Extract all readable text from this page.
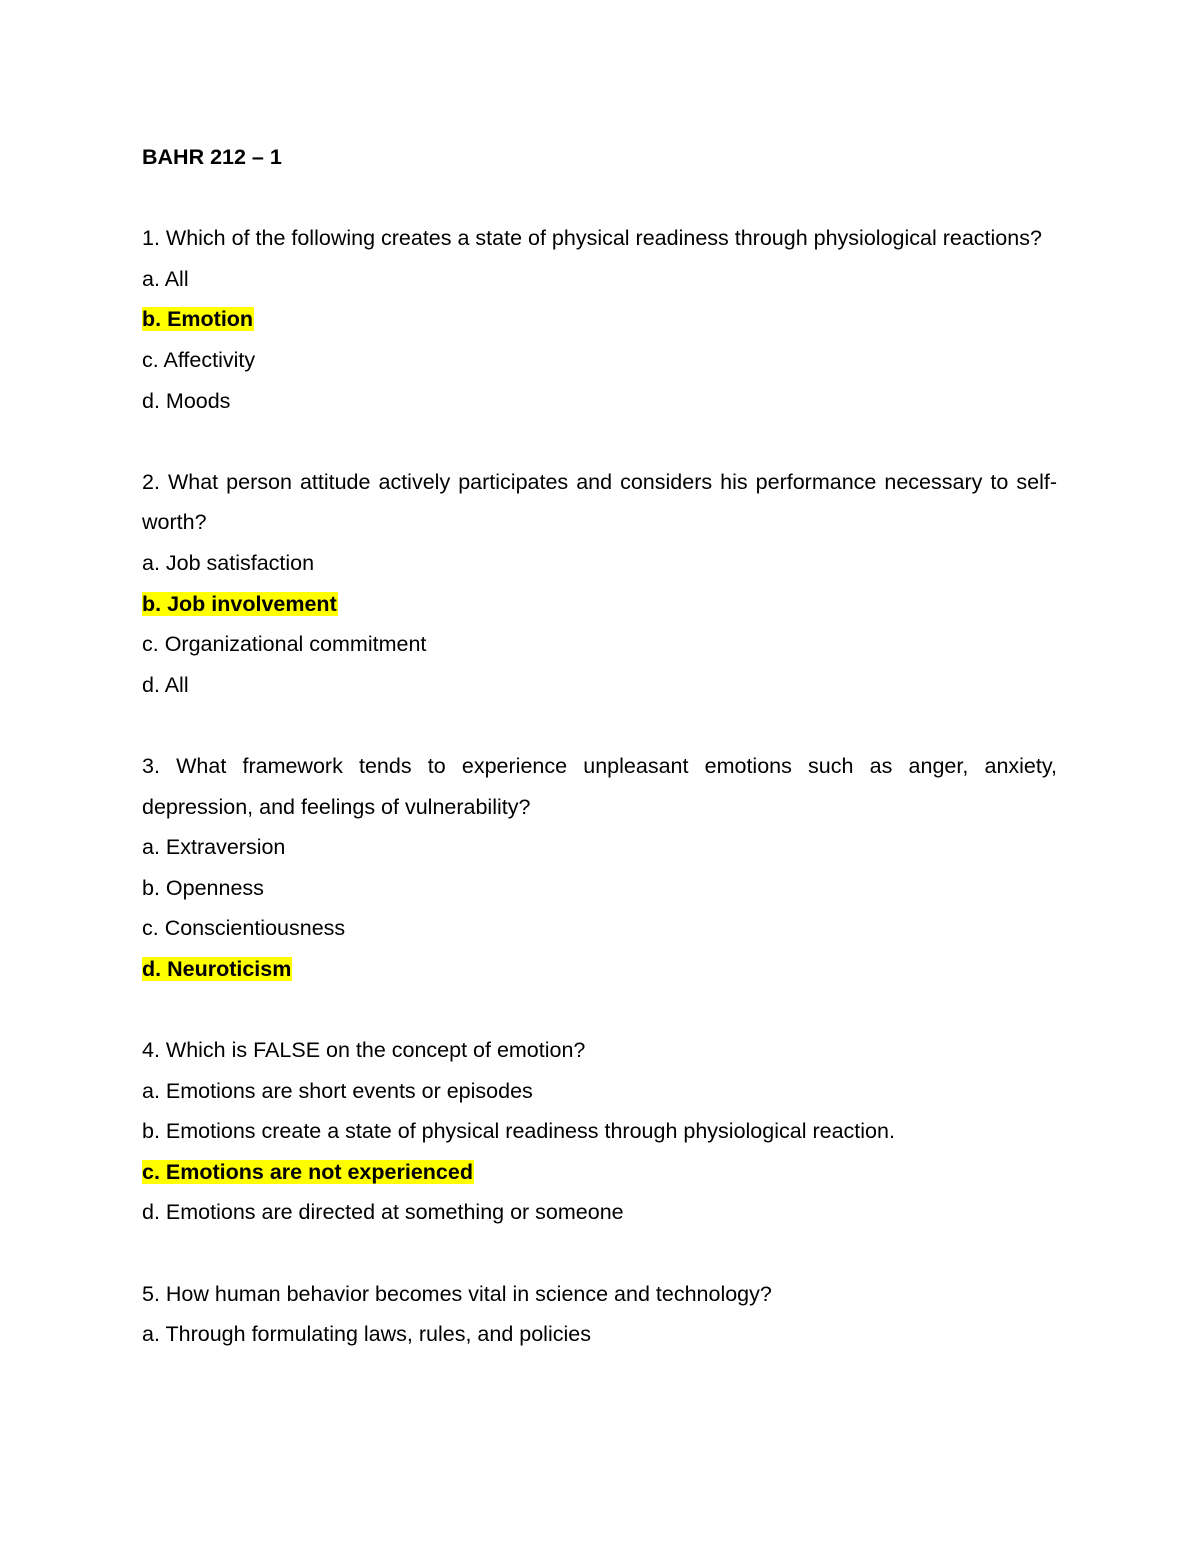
BAHR 212 – 1

1. Which of the following creates a state of physical readiness through physiological reactions?

a. All

b. Emotion

c. Affectivity

d. Moods

2. What person attitude actively participates and considers his performance necessary to self-worth?

a. Job satisfaction

b. Job involvement

c. Organizational commitment

d. All

3. What framework tends to experience unpleasant emotions such as anger, anxiety, depression, and feelings of vulnerability?

a. Extraversion

b. Openness

c. Conscientiousness

d. Neuroticism

4. Which is FALSE on the concept of emotion?

a. Emotions are short events or episodes

b. Emotions create a state of physical readiness through physiological reaction.

c. Emotions are not experienced

d. Emotions are directed at something or someone

5. How human behavior becomes vital in science and technology?

a. Through formulating laws, rules, and policies
